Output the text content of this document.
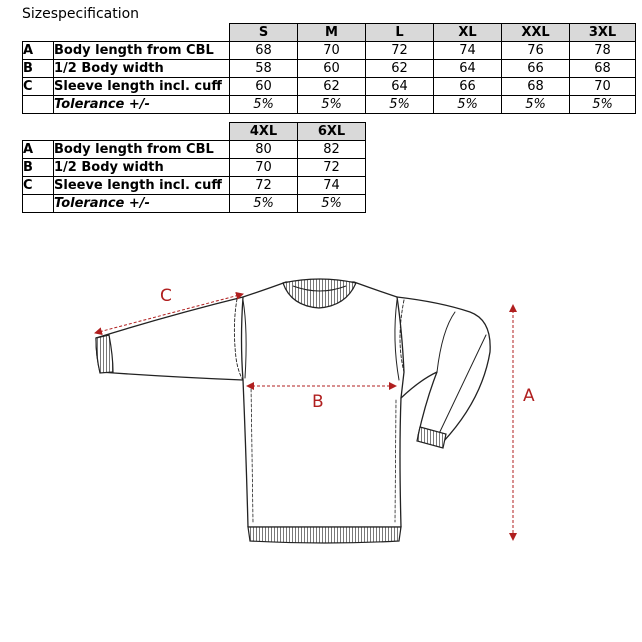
Sizespecification
		S	M	L	XL	XXL	3XL
A	Body length from CBL	68	70	72	74	76	78
B	1/2 Body width	58	60	62	64	66	68
C	Sleeve length incl. cuff	60	62	64	66	68	70
	Tolerance +/-	5%	5%	5%	5%	5%	5%
		4XL	6XL
A	Body length from CBL	80	82
B	1/2 Body width	70	72
C	Sleeve length incl. cuff	72	74
	Tolerance +/-	5%	5%
C
B	A
